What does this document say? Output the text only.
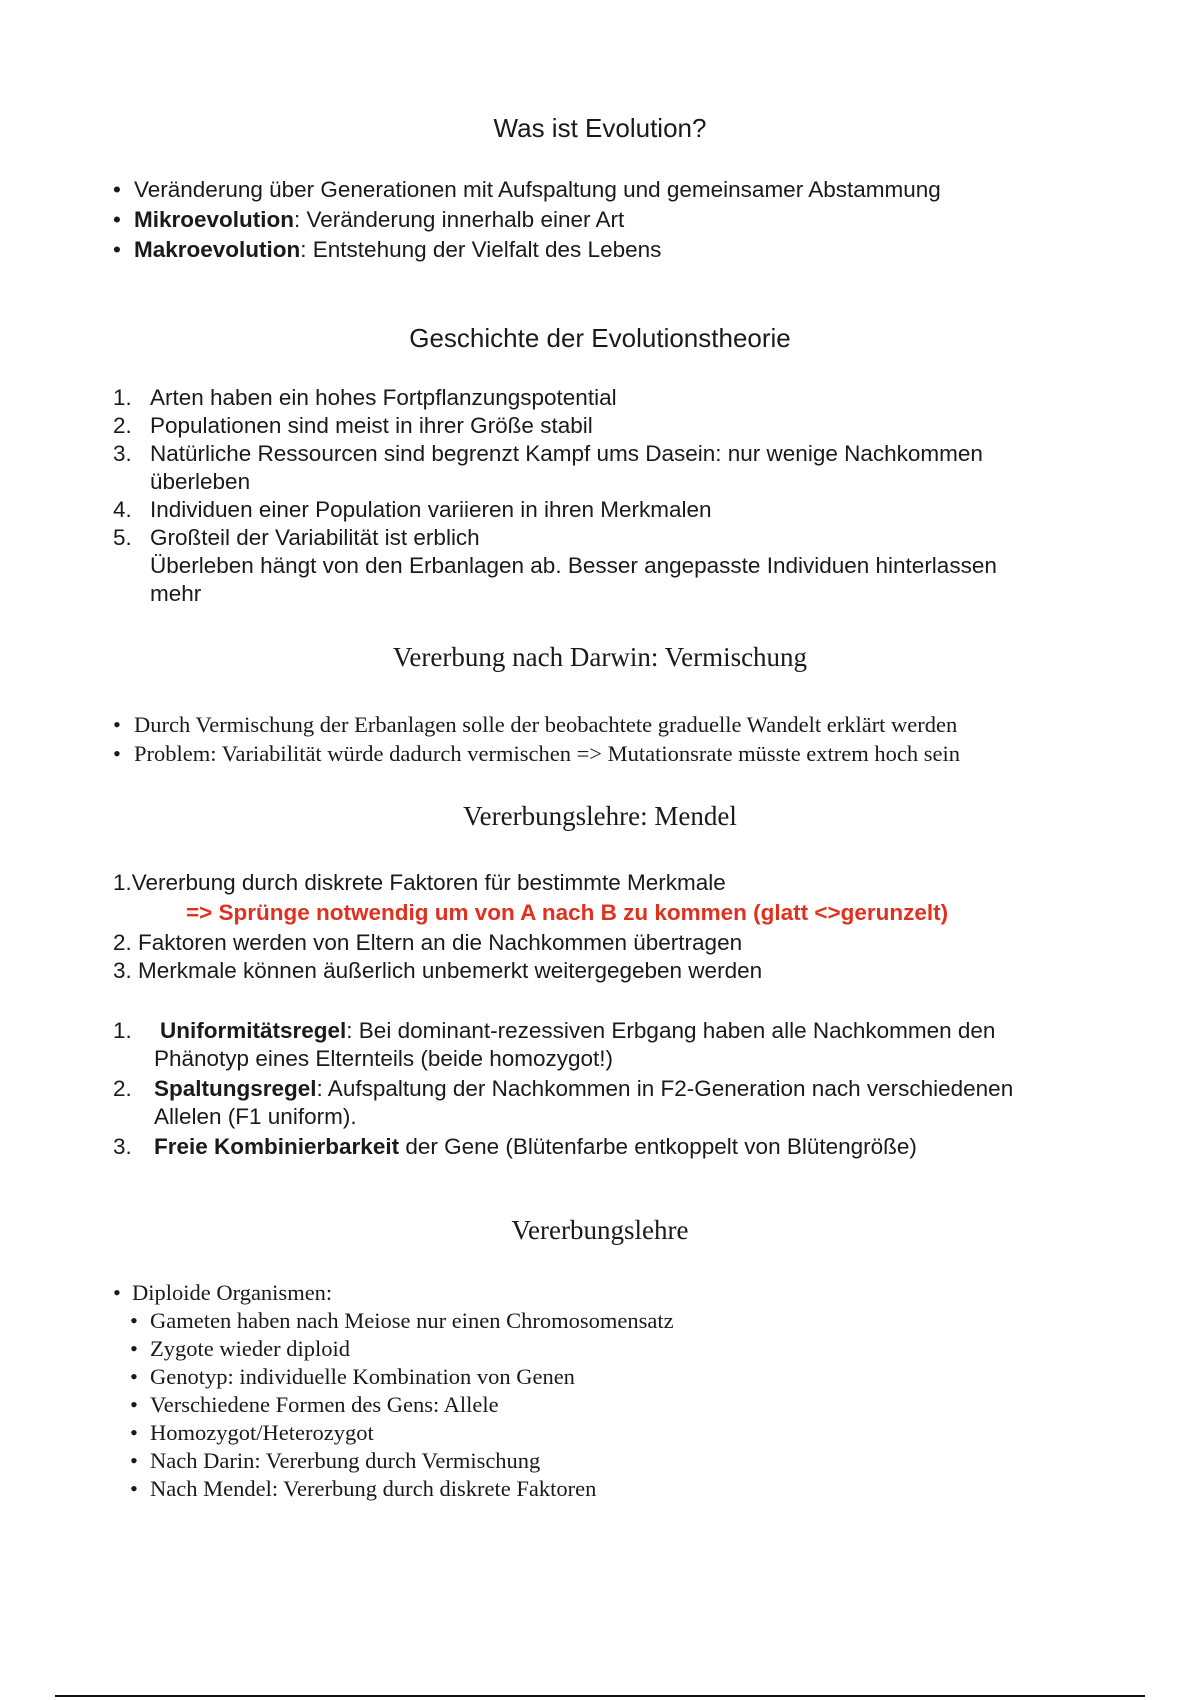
Was ist Evolution?
• Veränderung über Generationen mit Aufspaltung und gemeinsamer Abstammung
• Mikroevolution: Veränderung innerhalb einer Art
• Makroevolution: Entstehung der Vielfalt des Lebens
Geschichte der Evolutionstheorie
1. Arten haben ein hohes Fortpflanzungspotential
2. Populationen sind meist in ihrer Größe stabil
3. Natürliche Ressourcen sind begrenzt Kampf ums Dasein: nur wenige Nachkommen
überleben
4. Individuen einer Population variieren in ihren Merkmalen
5. Großteil der Variabilität ist erblich
Überleben hängt von den Erbanlagen ab. Besser angepasste Individuen hinterlassen
mehr
Vererbung nach Darwin: Vermischung
• Durch Vermischung der Erbanlagen solle der beobachtete graduelle Wandelt erklärt werden
• Problem: Variabilität würde dadurch vermischen => Mutationsrate müsste extrem hoch sein
Vererbungslehre: Mendel
1.Vererbung durch diskrete Faktoren für bestimmte Merkmale
=> Sprünge notwendig um von A nach B zu kommen (glatt <>gerunzelt)
2. Faktoren werden von Eltern an die Nachkommen übertragen
3. Merkmale können äußerlich unbemerkt weitergegeben werden
1. Uniformitätsregel: Bei dominant-rezessiven Erbgang haben alle Nachkommen den
Phänotyp eines Elternteils (beide homozygot!)
2. Spaltungsregel: Aufspaltung der Nachkommen in F2-Generation nach verschiedenen
Allelen (F1 uniform).
3. Freie Kombinierbarkeit der Gene (Blütenfarbe entkoppelt von Blütengröße)
Vererbungslehre
• Diploide Organismen:
• Gameten haben nach Meiose nur einen Chromosomensatz
• Zygote wieder diploid
• Genotyp: individuelle Kombination von Genen
• Verschiedene Formen des Gens: Allele
• Homozygot/Heterozygot
• Nach Darin: Vererbung durch Vermischung
• Nach Mendel: Vererbung durch diskrete Faktoren
